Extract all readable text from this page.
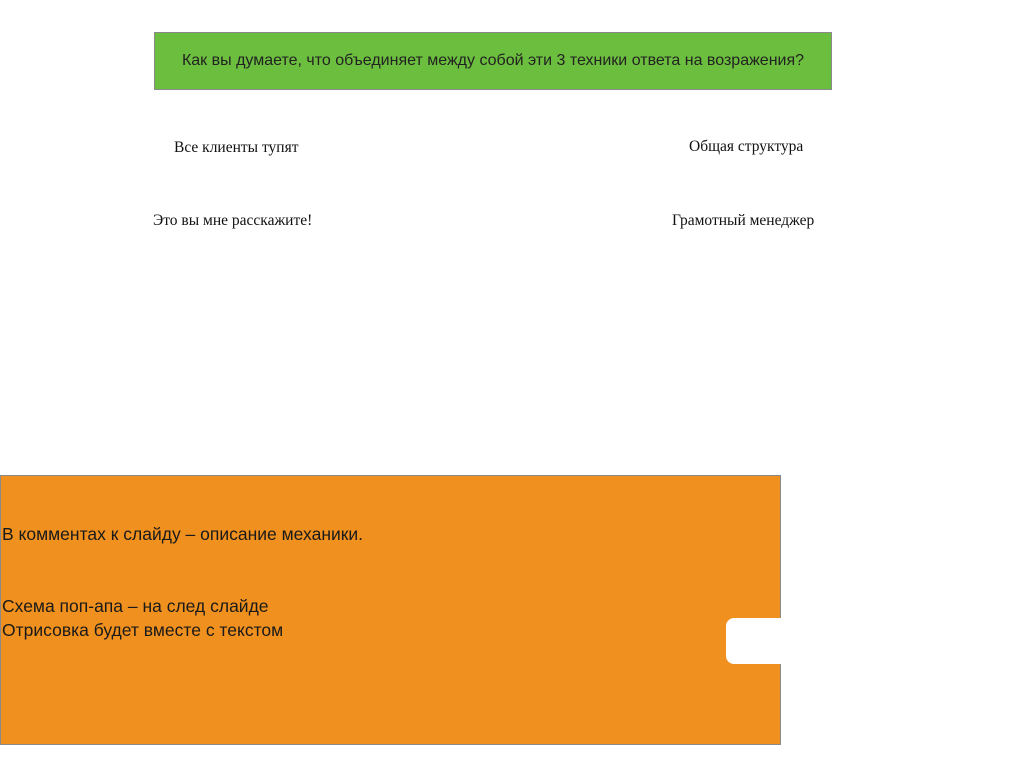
Как вы думаете, что объединяет между собой эти 3 техники ответа на возражения?
Все клиенты тупят	Общая структура
Это вы мне расскажите!	Грамотный менеджер
В комментах к слайду – описание механики.
Схема поп-апа – на след слайде
Отрисовка будет вместе с текстом
